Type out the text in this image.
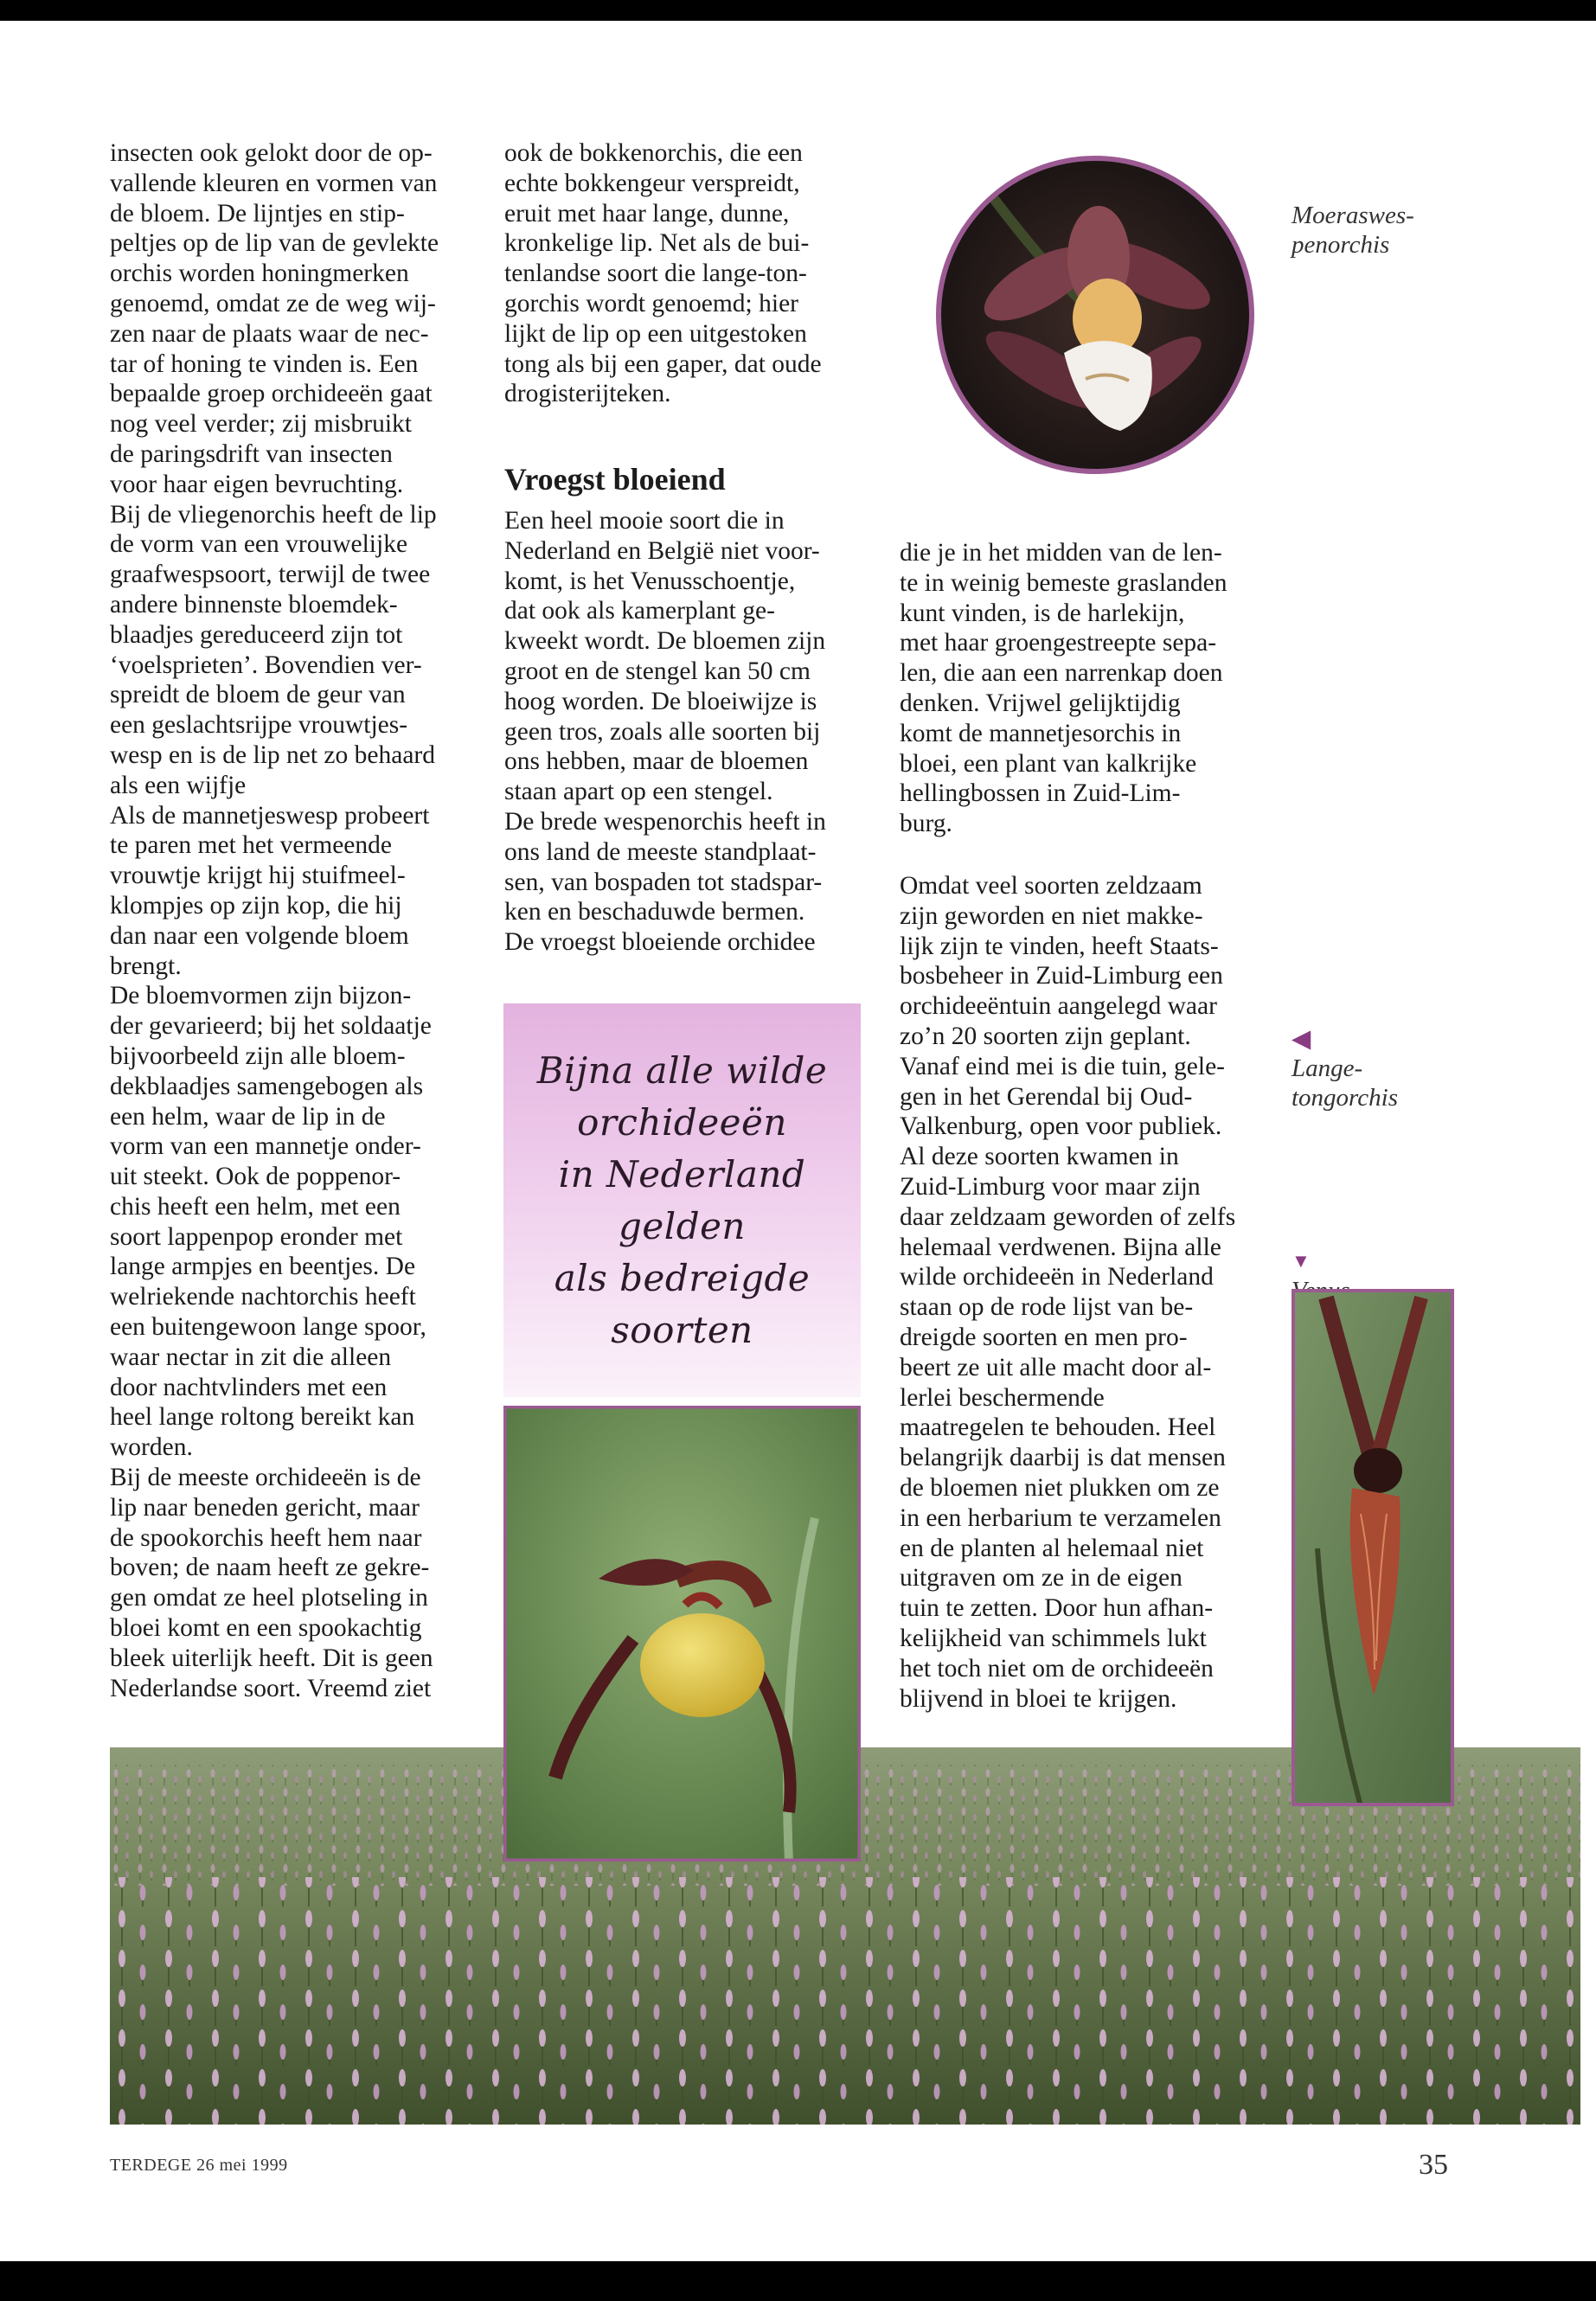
insecten ook gelokt door de op-
vallende kleuren en vormen van
de bloem. De lijntjes en stip-
peltjes op de lip van de gevlekte
orchis worden honingmerken
genoemd, omdat ze de weg wij-
zen naar de plaats waar de nec-
tar of honing te vinden is. Een
bepaalde groep orchideeën gaat
nog veel verder; zij misbruikt
de paringsdrift van insecten
voor haar eigen bevruchting.
Bij de vliegenorchis heeft de lip
de vorm van een vrouwelijke
graafwespsoort, terwijl de twee
andere binnenste bloemdek-
blaadjes gereduceerd zijn tot
‘voelsprieten’. Bovendien ver-
spreidt de bloem de geur van
een geslachtsrijpe vrouwtjes-
wesp en is de lip net zo behaard
als een wijfje
Als de mannetjeswesp probeert
te paren met het vermeende
vrouwtje krijgt hij stuifmeel-
klompjes op zijn kop, die hij
dan naar een volgende bloem
brengt.
De bloemvormen zijn bijzon-
der gevarieerd; bij het soldaatje
bijvoorbeeld zijn alle bloem-
dekblaadjes samengebogen als
een helm, waar de lip in de
vorm van een mannetje onder-
uit steekt. Ook de poppenor-
chis heeft een helm, met een
soort lappenpop eronder met
lange armpjes en beentjes. De
welriekende nachtorchis heeft
een buitengewoon lange spoor,
waar nectar in zit die alleen
door nachtvlinders met een
heel lange roltong bereikt kan
worden.
Bij de meeste orchideeën is de
lip naar beneden gericht, maar
de spookorchis heeft hem naar
boven; de naam heeft ze gekre-
gen omdat ze heel plotseling in
bloei komt en een spookachtig
bleek uiterlijk heeft. Dit is geen
Nederlandse soort. Vreemd ziet
ook de bokkenorchis, die een
echte bokkengeur verspreidt,
eruit met haar lange, dunne,
kronkelige lip. Net als de bui-
tenlandse soort die lange-ton-
gorchis wordt genoemd; hier
lijkt de lip op een uitgestoken
tong als bij een gaper, dat oude
drogisterijteken.
Vroegst bloeiend
Een heel mooie soort die in
Nederland en België niet voor-
komt, is het Venusschoentje,
dat ook als kamerplant ge-
kweekt wordt. De bloemen zijn
groot en de stengel kan 50 cm
hoog worden. De bloeiwijze is
geen tros, zoals alle soorten bij
ons hebben, maar de bloemen
staan apart op een stengel.
De brede wespenorchis heeft in
ons land de meeste standplaat-
sen, van bospaden tot stadspar-
ken en beschaduwde bermen.
De vroegst bloeiende orchidee
Bijna alle wilde
orchideeën
in Nederland
gelden
als bedreigde
soorten
die je in het midden van de len-
te in weinig bemeste graslanden
kunt vinden, is de harlekijn,
met haar groengestreepte sepa-
len, die aan een narrenkap doen
denken. Vrijwel gelijktijdig
komt de mannetjesorchis in
bloei, een plant van kalkrijke
hellingbossen in Zuid-Lim-
burg.
Omdat veel soorten zeldzaam
zijn geworden en niet makke-
lijk zijn te vinden, heeft Staats-
bosbeheer in Zuid-Limburg een
orchideeëntuin aangelegd waar
zo’n 20 soorten zijn geplant.
Vanaf eind mei is die tuin, gele-
gen in het Gerendal bij Oud-
Valkenburg, open voor publiek.
Al deze soorten kwamen in
Zuid-Limburg voor maar zijn
daar zeldzaam geworden of zelfs
helemaal verdwenen. Bijna alle
wilde orchideeën in Nederland
staan op de rode lijst van be-
dreigde soorten en men pro-
beert ze uit alle macht door al-
lerlei beschermende
maatregelen te behouden. Heel
belangrijk daarbij is dat mensen
de bloemen niet plukken om ze
in een herbarium te verzamelen
en de planten al helemaal niet
uitgraven om ze in de eigen
tuin te zetten. Door hun afhan-
kelijkheid van schimmels lukt
het toch niet om de orchideeën
blijvend in bloei te krijgen.
Moeraswes-
penorchis

◀
Lange-
tongorchis

▼

TERDEGE 26 mei 1999	35
